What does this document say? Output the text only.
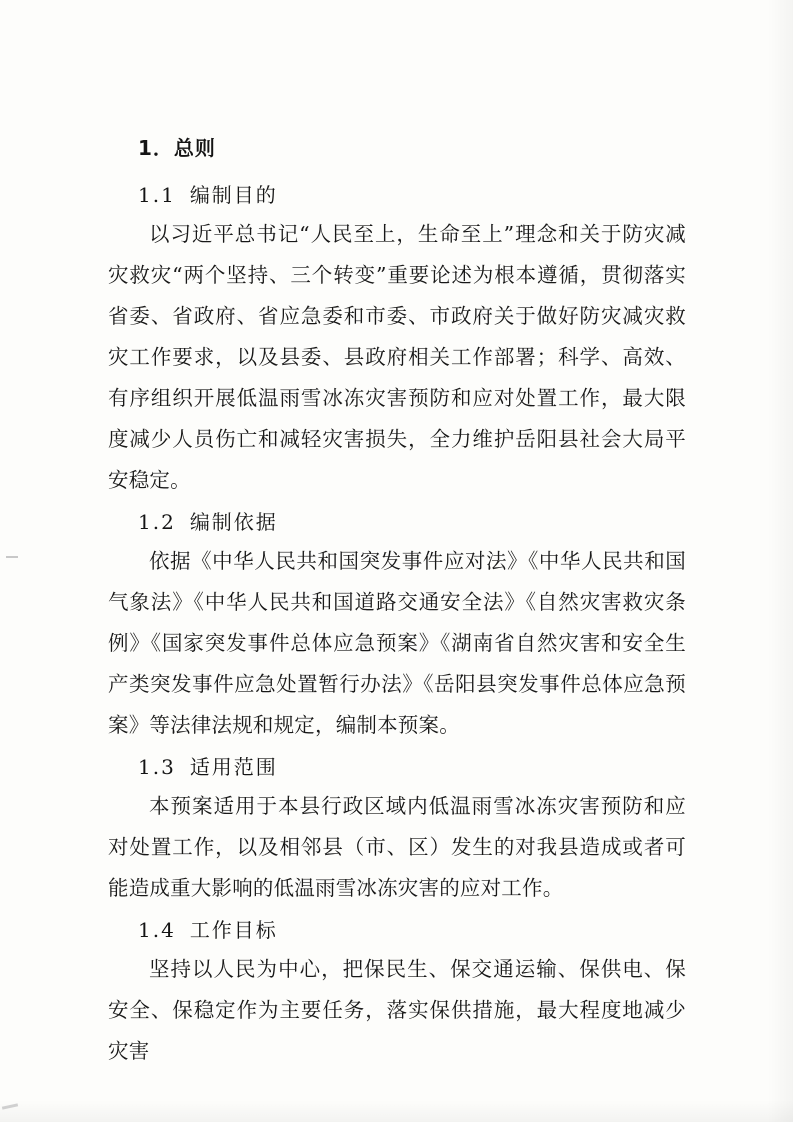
1．总则
1.1 编制目的

以习近平总书记“人民至上，生命至上”理念和关于防灾减灾救灾“两个坚持、三个转变”重要论述为根本遵循，贯彻落实省委、省政府、省应急委和市委、市政府关于做好防灾减灾救灾工作要求，以及县委、县政府相关工作部署；科学、高效、有序组织开展低温雨雪冰冻灾害预防和应对处置工作，最大限度减少人员伤亡和减轻灾害损失，全力维护岳阳县社会大局平安稳定。

1.2 编制依据

依据《中华人民共和国突发事件应对法》《中华人民共和国气象法》《中华人民共和国道路交通安全法》《自然灾害救灾条例》《国家突发事件总体应急预案》《湖南省自然灾害和安全生产类突发事件应急处置暂行办法》《岳阳县突发事件总体应急预案》等法律法规和规定，编制本预案。

1.3 适用范围

本预案适用于本县行政区域内低温雨雪冰冻灾害预防和应对处置工作，以及相邻县（市、区）发生的对我县造成或者可能造成重大影响的低温雨雪冰冻灾害的应对工作。

1.4 工作目标

坚持以人民为中心，把保民生、保交通运输、保供电、保安全、保稳定作为主要任务，落实保供措施，最大程度地减少灾害
